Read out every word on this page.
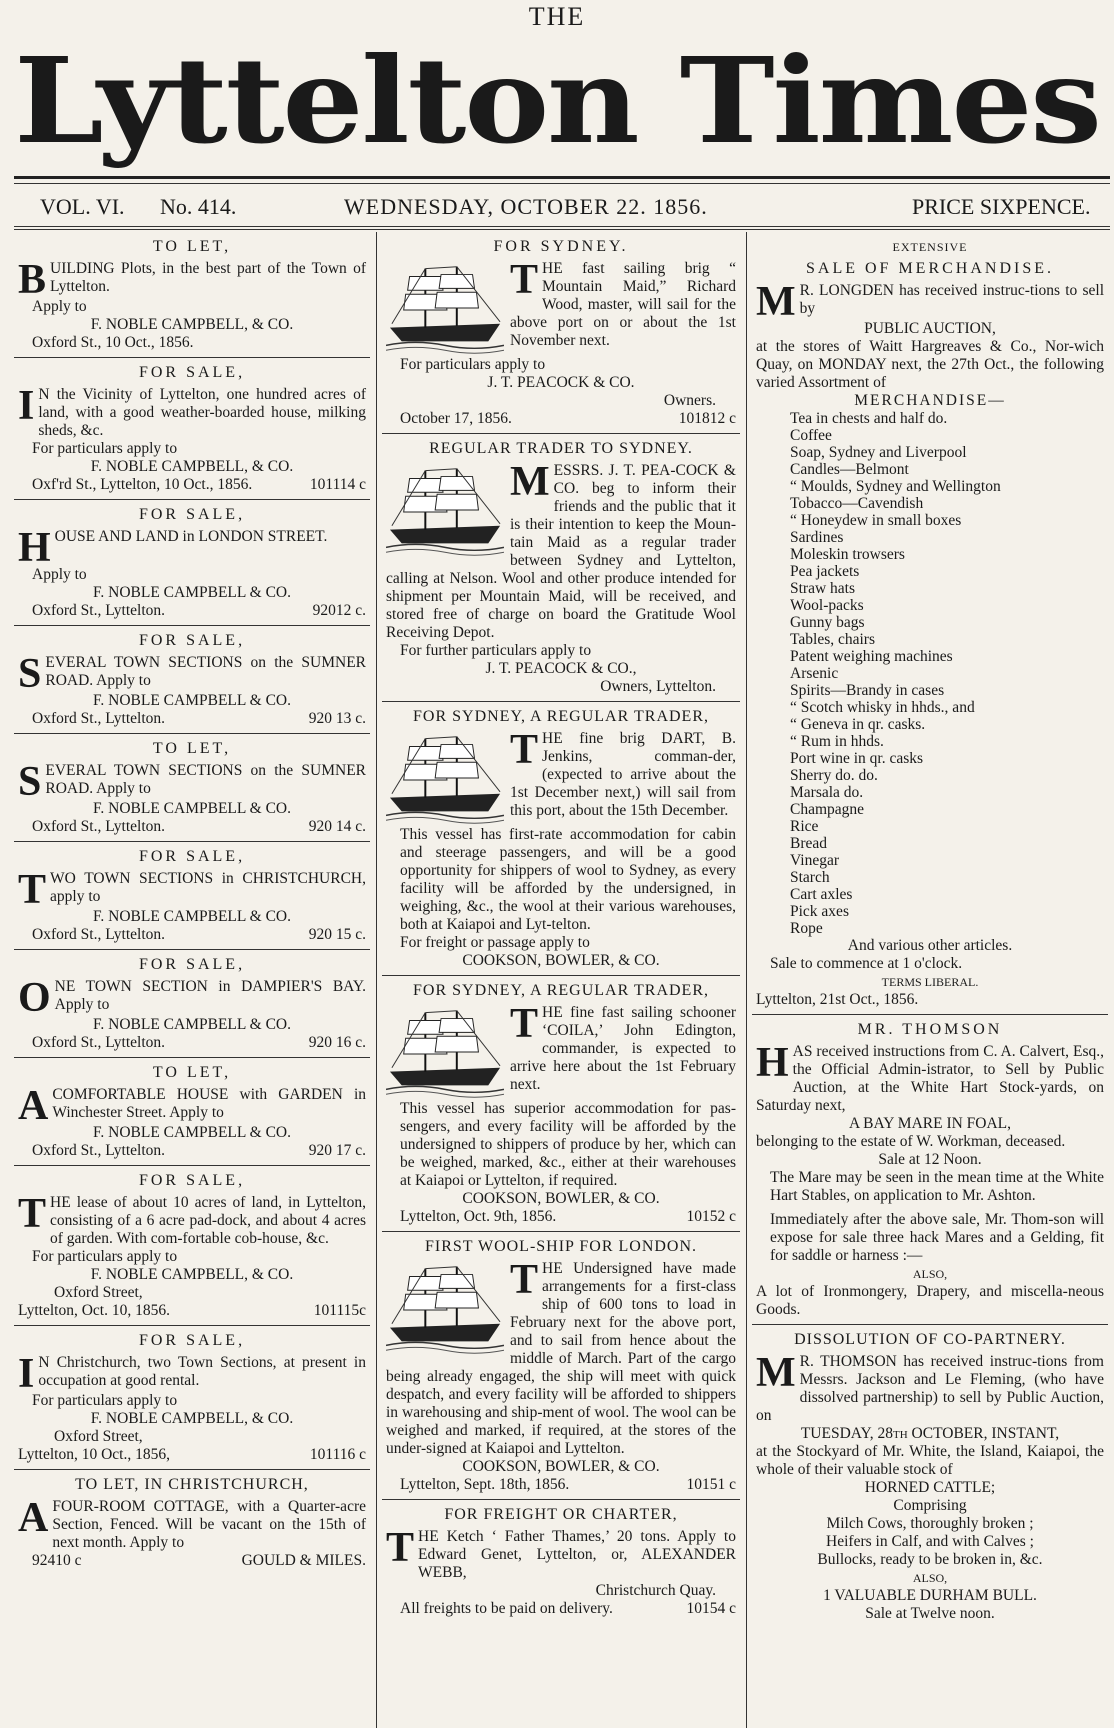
THE
Lyttelton Times
VOL. VI. No. 414.	WEDNESDAY, OCTOBER 22. 1856.	PRICE SIXPENCE.
TO LET,

BUILDING Plots, in the best part of the Town of Lyttelton.

Apply to
F. NOBLE CAMPBELL, & CO.
Oxford St., 10 Oct., 1856.
FOR SALE,

I N the Vicinity of Lyttelton, one hundred acres of land, with a good weather-boarded house, milking sheds, &c.

For particulars apply to
F. NOBLE CAMPBELL, & CO.
Oxf'rd St., Lyttelton, 10 Oct., 1856.	101114 c
FOR SALE,

HOUSE AND LAND in LONDON STREET.

Apply to
F. NOBLE CAMPBELL & CO.
Oxford St., Lyttelton.	92012 c.
FOR SALE,

SEVERAL TOWN SECTIONS on the SUMNER ROAD. Apply to

F. NOBLE CAMPBELL & CO.
Oxford St., Lyttelton.	920 13 c.
TO LET,

SEVERAL TOWN SECTIONS on the SUMNER ROAD. Apply to

F. NOBLE CAMPBELL & CO.
Oxford St., Lyttelton.	920 14 c.
FOR SALE,

TWO TOWN SECTIONS in CHRISTCHURCH, apply to

F. NOBLE CAMPBELL & CO.
Oxford St., Lyttelton.	920 15 c.
FOR SALE,

ONE TOWN SECTION in DAMPIER'S BAY. Apply to

F. NOBLE CAMPBELL & CO.
Oxford St., Lyttelton.	920 16 c.
TO LET,

ACOMFORTABLE HOUSE with GARDEN in Winchester Street. Apply to

F. NOBLE CAMPBELL & CO.
Oxford St., Lyttelton.	920 17 c.
FOR SALE,

THE lease of about 10 acres of land, in Lyttelton, consisting of a 6 acre pad-dock, and about 4 acres of garden. With com-fortable cob-house, &c.

For particulars apply to
F. NOBLE CAMPBELL, & CO.
Oxford Street,
Lyttelton, Oct. 10, 1856.	101115c
FOR SALE,

I N Christchurch, two Town Sections, at present in occupation at good rental.

For particulars apply to
F. NOBLE CAMPBELL, & CO.
Oxford Street,
Lyttelton, 10 Oct., 1856,	101116 c
TO LET, IN CHRISTCHURCH,

AFOUR-ROOM COTTAGE, with a Quarter-acre Section, Fenced. Will be vacant on the 15th of next month. Apply to

92410 c	GOULD & MILES.
FOR SYDNEY.

THE fast sailing brig “ Mountain Maid,” Richard Wood, master, will sail for the above port on or about the 1st November next.

For particulars apply to
J. T. PEACOCK & CO.
Owners.
October 17, 1856.	101812 c
REGULAR TRADER TO SYDNEY.

MESSRS. J. T. PEA-COCK & CO. beg to inform their friends and the public that it is their intention to keep the Moun-tain Maid as a regular trader between Sydney and Lyttelton, calling at Nelson. Wool and other produce intended for shipment per Mountain Maid, will be received, and stored free of charge on board the Gratitude Wool Receiving Depot.

For further particulars apply to
J. T. PEACOCK & CO.,
Owners, Lyttelton.
FOR SYDNEY, A REGULAR TRADER,

THE fine brig DART, B. Jenkins, comman-der, (expected to arrive about the 1st December next,) will sail from this port, about the 15th December.

This vessel has first-rate accommodation for cabin and steerage passengers, and will be a good opportunity for shippers of wool to Sydney, as every facility will be afforded by the undersigned, in weighing, &c., the wool at their various warehouses, both at Kaiapoi and Lyt-telton.

For freight or passage apply to
COOKSON, BOWLER, & CO.
FOR SYDNEY, A REGULAR TRADER,

THE fine fast sailing schooner ‘COILA,’ John Edington, commander, is expected to arrive here about the 1st February next.

This vessel has superior accommodation for pas-sengers, and every facility will be afforded by the undersigned to shippers of produce by her, which can be weighed, marked, &c., either at their warehouses at Kaiapoi or Lyttelton, if required.

COOKSON, BOWLER, & CO.
Lyttelton, Oct. 9th, 1856.	10152 c
FIRST WOOL-SHIP FOR LONDON.

THE Undersigned have made arrangements for a first-class ship of 600 tons to load in February next for the above port, and to sail from hence about the middle of March. Part of the cargo being already engaged, the ship will meet with quick despatch, and every facility will be afforded to shippers in warehousing and ship-ment of wool. The wool can be weighed and marked, if required, at the stores of the under-signed at Kaiapoi and Lyttelton.

COOKSON, BOWLER, & CO.
Lyttelton, Sept. 18th, 1856.	10151 c
FOR FREIGHT OR CHARTER,

THE Ketch ‘ Father Thames,’ 20 tons. Apply to Edward Genet, Lyttelton, or, ALEXANDER WEBB,

Christchurch Quay.
All freights to be paid on delivery.	10154 c
EXTENSIVE
SALE OF MERCHANDISE.

M R. LONGDEN has received instruc-tions to sell by

PUBLIC AUCTION,

at the stores of Waitt Hargreaves & Co., Nor-wich Quay, on MONDAY next, the 27th Oct., the following varied Assortment of

MERCHANDISE—
Tea in chests and half do.
Coffee
Soap, Sydney and Liverpool
Candles—Belmont
“ Moulds, Sydney and Wellington
Tobacco—Cavendish
“ Honeydew in small boxes
Sardines
Moleskin trowsers
Pea jackets
Straw hats
Wool-packs
Gunny bags
Tables, chairs
Patent weighing machines
Arsenic
Spirits—Brandy in cases
“ Scotch whisky in hhds., and
“ Geneva in qr. casks.
“ Rum in hhds.
Port wine in qr. casks
Sherry do. do.
Marsala do.
Champagne
Rice
Bread
Vinegar
Starch
Cart axles
Pick axes
Rope
And various other articles.
Sale to commence at 1 o'clock.
TERMS LIBERAL.
Lyttelton, 21st Oct., 1856.
MR. THOMSON

HAS received instructions from C. A. Calvert, Esq., the Official Admin-istrator, to Sell by Public Auction, at the White Hart Stock-yards, on Saturday next,

A BAY MARE IN FOAL,

belonging to the estate of W. Workman, deceased.

Sale at 12 Noon.

The Mare may be seen in the mean time at the White Hart Stables, on application to Mr. Ashton.

Immediately after the above sale, Mr. Thom-son will expose for sale three hack Mares and a Gelding, fit for saddle or harness :—

ALSO,

A lot of Ironmongery, Drapery, and miscella-neous Goods.

DISSOLUTION OF CO-PARTNERY.

M R. THOMSON has received instruc-tions from Messrs. Jackson and Le Fleming, (who have dissolved partnership) to sell by Public Auction, on

TUESDAY, 28th OCTOBER, INSTANT,

at the Stockyard of Mr. White, the Island, Kaiapoi, the whole of their valuable stock of

HORNED CATTLE;
Comprising
Milch Cows, thoroughly broken ;
Heifers in Calf, and with Calves ;
Bullocks, ready to be broken in, &c.
ALSO,
1 VALUABLE DURHAM BULL.
Sale at Twelve noon.
